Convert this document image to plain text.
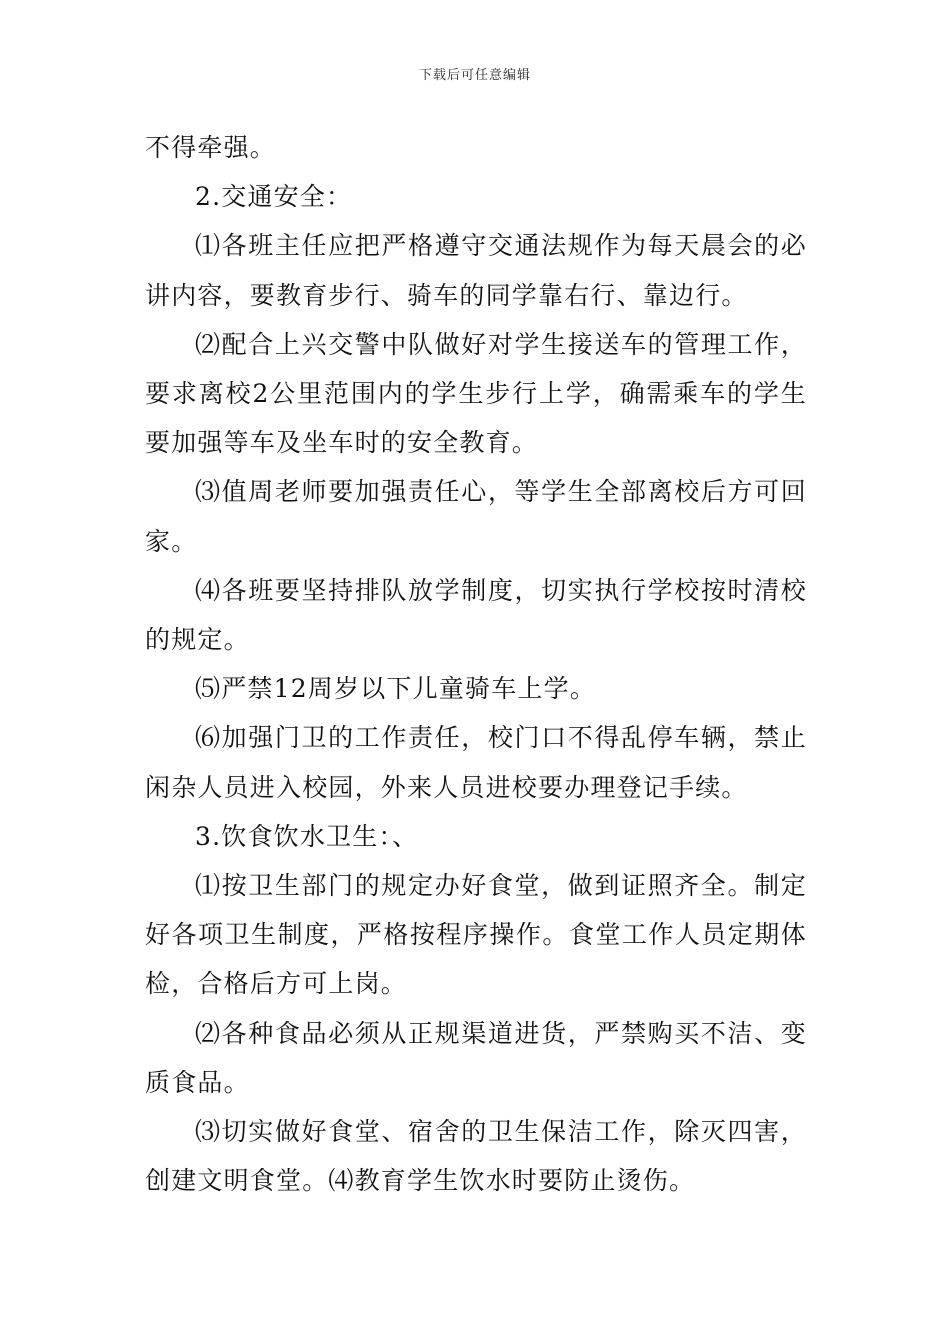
下载后可任意编辑

不得牵强。

2.交通安全：

⑴各班主任应把严格遵守交通法规作为每天晨会的必讲内容，要教育步行、骑车的同学靠右行、靠边行。

⑵配合上兴交警中队做好对学生接送车的管理工作，要求离校2公里范围内的学生步行上学，确需乘车的学生要加强等车及坐车时的安全教育。

⑶值周老师要加强责任心，等学生全部离校后方可回家。

⑷各班要坚持排队放学制度，切实执行学校按时清校的规定。

⑸严禁12周岁以下儿童骑车上学。

⑹加强门卫的工作责任，校门口不得乱停车辆，禁止闲杂人员进入校园，外来人员进校要办理登记手续。

3.饮食饮水卫生：、

⑴按卫生部门的规定办好食堂，做到证照齐全。制定好各项卫生制度，严格按程序操作。食堂工作人员定期体检，合格后方可上岗。

⑵各种食品必须从正规渠道进货，严禁购买不洁、变质食品。

⑶切实做好食堂、宿舍的卫生保洁工作，除灭四害，创建文明食堂。⑷教育学生饮水时要防止烫伤。
